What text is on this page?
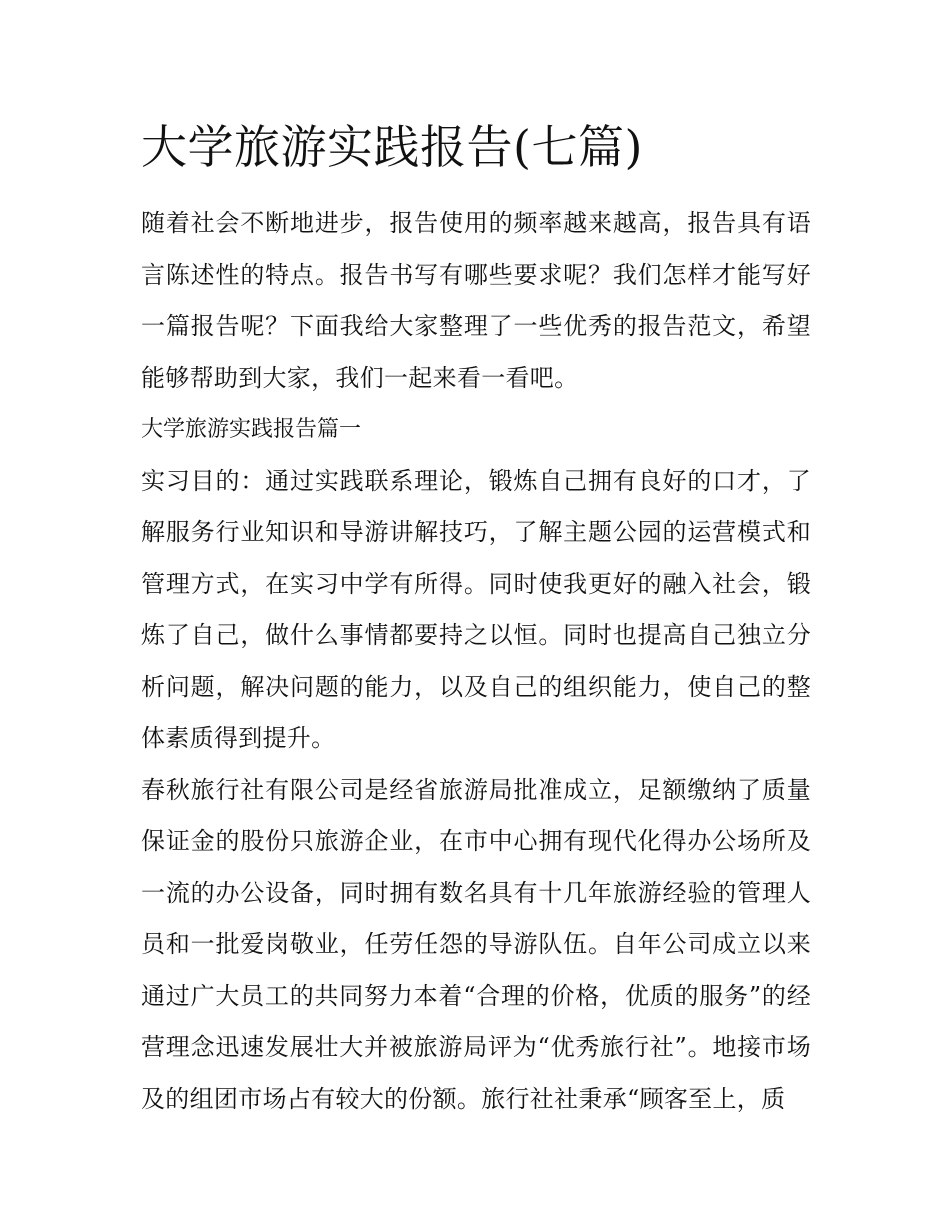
大学旅游实践报告(七篇)

随着社会不断地进步，报告使用的频率越来越高，报告具有语言陈述性的特点。报告书写有哪些要求呢？我们怎样才能写好一篇报告呢？下面我给大家整理了一些优秀的报告范文，希望能够帮助到大家，我们一起来看一看吧。

大学旅游实践报告篇一

实习目的：通过实践联系理论，锻炼自己拥有良好的口才，了解服务行业知识和导游讲解技巧，了解主题公园的运营模式和管理方式，在实习中学有所得。同时使我更好的融入社会，锻炼了自己，做什么事情都要持之以恒。同时也提高自己独立分析问题，解决问题的能力，以及自己的组织能力，使自己的整体素质得到提升。

春秋旅行社有限公司是经省旅游局批准成立，足额缴纳了质量保证金的股份只旅游企业，在市中心拥有现代化得办公场所及一流的办公设备，同时拥有数名具有十几年旅游经验的管理人员和一批爱岗敬业，任劳任怨的导游队伍。自年公司成立以来通过广大员工的共同努力本着“合理的价格，优质的服务”的经营理念迅速发展壮大并被旅游局评为“优秀旅行社”。地接市场及的组团市场占有较大的份额。旅行社社秉承“顾客至上，质
